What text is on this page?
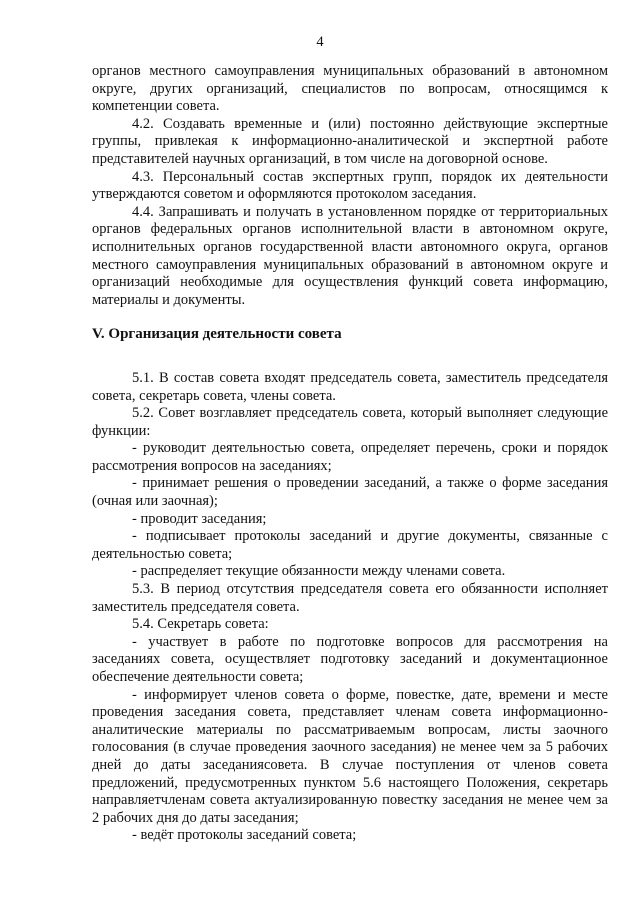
4

органов местного самоуправления муниципальных образований в автономном округе, других организаций, специалистов по вопросам, относящимся к компетенции совета.

4.2. Создавать временные и (или) постоянно действующие экспертные группы, привлекая к информационно-аналитической и экспертной работе представителей научных организаций, в том числе на договорной основе.

4.3. Персональный состав экспертных групп, порядок их деятельности утверждаются советом и оформляются протоколом заседания.

4.4. Запрашивать и получать в установленном порядке от территориальных органов федеральных органов исполнительной власти в автономном округе, исполнительных органов государственной власти автономного округа, органов местного самоуправления муниципальных образований в автономном округе и организаций необходимые для осуществления функций совета информацию, материалы и документы.

V. Организация деятельности совета

5.1. В состав совета входят председатель совета, заместитель председателя совета, секретарь совета, члены совета.

5.2. Совет возглавляет председатель совета, который выполняет следующие функции:

- руководит деятельностью совета, определяет перечень, сроки и порядок рассмотрения вопросов на заседаниях;

- принимает решения о проведении заседаний, а также о форме заседания (очная или заочная);

- проводит заседания;

- подписывает протоколы заседаний и другие документы, связанные с деятельностью совета;

- распределяет текущие обязанности между членами совета.

5.3. В период отсутствия председателя совета его обязанности исполняет заместитель председателя совета.

5.4. Секретарь совета:

- участвует в работе по подготовке вопросов для рассмотрения на заседаниях совета, осуществляет подготовку заседаний и документационное обеспечение деятельности совета;

- информирует членов совета о форме, повестке, дате, времени и месте проведения заседания совета, представляет членам совета информационно-аналитические материалы по рассматриваемым вопросам, листы заочного голосования (в случае проведения заочного заседания) не менее чем за 5 рабочих дней до даты заседаниясовета. В случае поступления от членов совета предложений, предусмотренных пунктом 5.6 настоящего Положения, секретарь направляетчленам совета актуализированную повестку заседания не менее чем за 2 рабочих дня до даты заседания;

- ведёт протоколы заседаний совета;
